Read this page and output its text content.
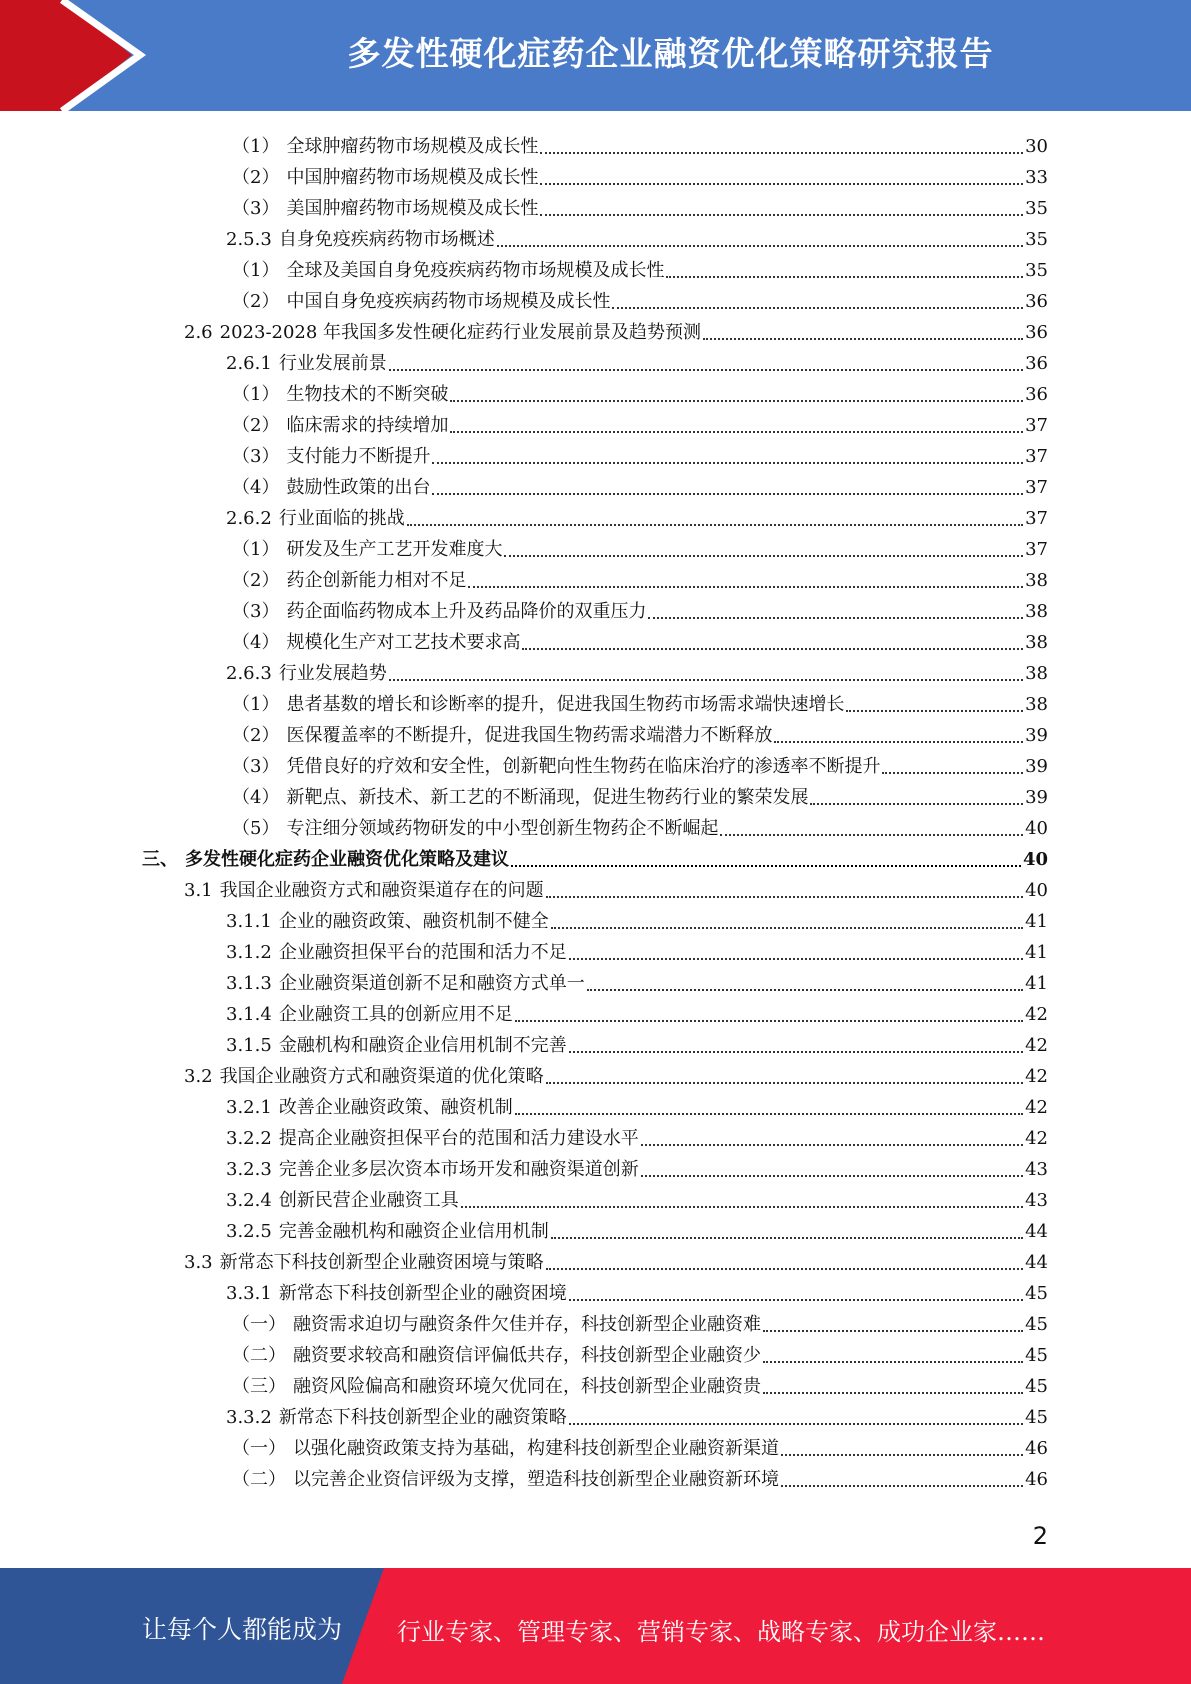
多发性硬化症药企业融资优化策略研究报告
（1） 全球肿瘤药物市场规模及成长性	30
（2） 中国肿瘤药物市场规模及成长性	33
（3） 美国肿瘤药物市场规模及成长性	35
2.5.3 自身免疫疾病药物市场概述	35
（1） 全球及美国自身免疫疾病药物市场规模及成长性	35
（2） 中国自身免疫疾病药物市场规模及成长性	36
2.6 2023-2028 年我国多发性硬化症药行业发展前景及趋势预测	36
2.6.1 行业发展前景	36
（1） 生物技术的不断突破	36
（2） 临床需求的持续增加	37
（3） 支付能力不断提升	37
（4） 鼓励性政策的出台	37
2.6.2 行业面临的挑战	37
（1） 研发及生产工艺开发难度大	37
（2） 药企创新能力相对不足	38
（3） 药企面临药物成本上升及药品降价的双重压力	38
（4） 规模化生产对工艺技术要求高	38
2.6.3 行业发展趋势	38
（1） 患者基数的增长和诊断率的提升，促进我国生物药市场需求端快速增长	38
（2） 医保覆盖率的不断提升，促进我国生物药需求端潜力不断释放	39
（3） 凭借良好的疗效和安全性，创新靶向性生物药在临床治疗的渗透率不断提升	39
（4） 新靶点、新技术、新工艺的不断涌现，促进生物药行业的繁荣发展	39
（5） 专注细分领域药物研发的中小型创新生物药企不断崛起	40
三、 多发性硬化症药企业融资优化策略及建议	40
3.1 我国企业融资方式和融资渠道存在的问题	40
3.1.1 企业的融资政策、融资机制不健全	41
3.1.2 企业融资担保平台的范围和活力不足	41
3.1.3 企业融资渠道创新不足和融资方式单一	41
3.1.4 企业融资工具的创新应用不足	42
3.1.5 金融机构和融资企业信用机制不完善	42
3.2 我国企业融资方式和融资渠道的优化策略	42
3.2.1 改善企业融资政策、融资机制	42
3.2.2 提高企业融资担保平台的范围和活力建设水平	42
3.2.3 完善企业多层次资本市场开发和融资渠道创新	43
3.2.4 创新民营企业融资工具	43
3.2.5 完善金融机构和融资企业信用机制	44
3.3 新常态下科技创新型企业融资困境与策略	44
3.3.1 新常态下科技创新型企业的融资困境	45
（一） 融资需求迫切与融资条件欠佳并存，科技创新型企业融资难	45
（二） 融资要求较高和融资信评偏低共存，科技创新型企业融资少	45
（三） 融资风险偏高和融资环境欠优同在，科技创新型企业融资贵	45
3.3.2 新常态下科技创新型企业的融资策略	45
（一） 以强化融资政策支持为基础，构建科技创新型企业融资新渠道	46
（二） 以完善企业资信评级为支撑，塑造科技创新型企业融资新环境	46
2
让每个人都能成为 行业专家、管理专家、营销专家、战略专家、成功企业家……
